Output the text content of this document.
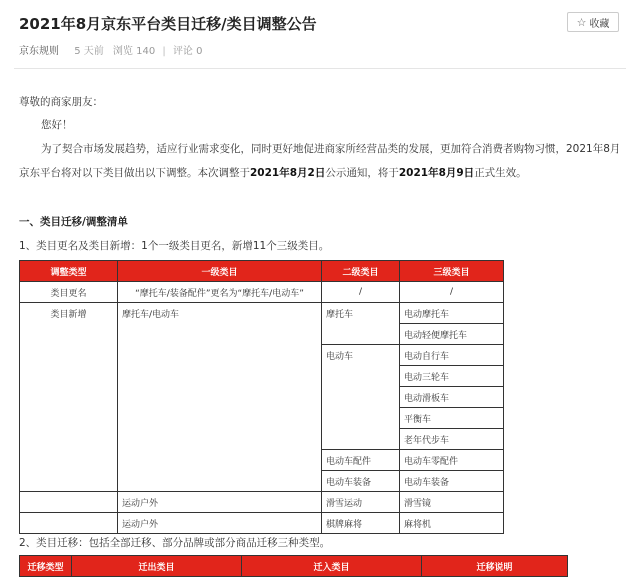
2021年8月京东平台类目迁移/类目调整公告	☆ 收藏
京东规则 5 天前 浏览 140 | 评论 0
尊敬的商家朋友：
您好！
为了契合市场发展趋势，适应行业需求变化，同时更好地促进商家所经营品类的发展，更加符合消费者购物习惯，2021年8月
京东平台将对以下类目做出以下调整。本次调整于2021年8月2日公示通知，将于2021年8月9日正式生效。
一、类目迁移/调整清单
1、类目更名及类目新增：1个一级类目更名，新增11个三级类目。
调整类型	一级类目	二级类目	三级类目
类目更名	“摩托车/装备配件”更名为“摩托车/电动车”	/	/
类目新增	摩托车/电动车	摩托车	电动摩托车
			电动轻便摩托车
		电动车	电动自行车
			电动三轮车
			电动滑板车
			平衡车
			老年代步车
		电动车配件	电动车零配件
		电动车装备	电动车装备
	运动户外	滑雪运动	滑雪镜
	运动户外	棋牌麻将	麻将机
2、类目迁移：包括全部迁移、部分品牌或部分商品迁移三种类型。
迁移类型	迁出类目	迁入类目	迁移说明
